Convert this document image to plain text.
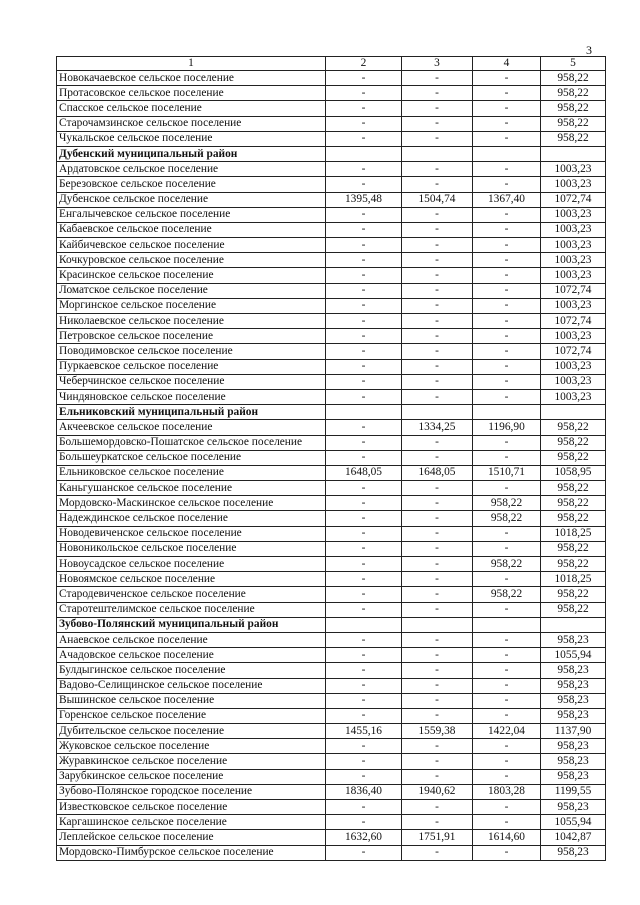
3
1	2	3	4	5
Новокачаевское сельское поселение	-	-	-	958,22
Протасовское сельское поселение	-	-	-	958,22
Спасское сельское поселение	-	-	-	958,22
Старочамзинское сельское поселение	-	-	-	958,22
Чукальское сельское поселение	-	-	-	958,22
Дубенский муниципальный район				
Ардатовское сельское поселение	-	-	-	1003,23
Березовское сельское поселение	-	-	-	1003,23
Дубенское сельское поселение	1395,48	1504,74	1367,40	1072,74
Енгалычевское сельское поселение	-	-	-	1003,23
Кабаевское сельское поселение	-	-	-	1003,23
Кайбичевское сельское поселение	-	-	-	1003,23
Кочкуровское сельское поселение	-	-	-	1003,23
Красинское сельское поселение	-	-	-	1003,23
Ломатское сельское поселение	-	-	-	1072,74
Моргинское сельское поселение	-	-	-	1003,23
Николаевское сельское поселение	-	-	-	1072,74
Петровское сельское поселение	-	-	-	1003,23
Поводимовское сельское поселение	-	-	-	1072,74
Пуркаевское сельское поселение	-	-	-	1003,23
Чеберчинское сельское поселение	-	-	-	1003,23
Чиндяновское сельское поселение	-	-	-	1003,23
Ельниковский муниципальный район				
Акчеевское сельское поселение	-	1334,25	1196,90	958,22
Большемордовско-Пошатское сельское поселение	-	-	-	958,22
Большеуркатское сельское поселение	-	-	-	958,22
Ельниковское сельское поселение	1648,05	1648,05	1510,71	1058,95
Каньгушанское сельское поселение	-	-	-	958,22
Мордовско-Маскинское сельское поселение	-	-	958,22	958,22
Надеждинское сельское поселение	-	-	958,22	958,22
Новодевиченское сельское поселение	-	-	-	1018,25
Новоникольское сельское поселение	-	-	-	958,22
Новоусадское сельское поселение	-	-	958,22	958,22
Новоямское сельское поселение	-	-	-	1018,25
Стародевиченское сельское поселение	-	-	958,22	958,22
Старотештелимское сельское поселение	-	-	-	958,22
Зубово-Полянский муниципальный район				
Анаевское сельское поселение	-	-	-	958,23
Ачадовское сельское поселение	-	-	-	1055,94
Булдыгинское сельское поселение	-	-	-	958,23
Вадово-Селищинское сельское поселение	-	-	-	958,23
Вышинское сельское поселение	-	-	-	958,23
Горенское сельское поселение	-	-	-	958,23
Дубительское сельское поселение	1455,16	1559,38	1422,04	1137,90
Жуковское сельское поселение	-	-	-	958,23
Журавкинское сельское поселение	-	-	-	958,23
Зарубкинское сельское поселение	-	-	-	958,23
Зубово-Полянское городское поселение	1836,40	1940,62	1803,28	1199,55
Известковское сельское поселение	-	-	-	958,23
Каргашинское сельское поселение	-	-	-	1055,94
Леплейское сельское поселение	1632,60	1751,91	1614,60	1042,87
Мордовско-Пимбурское сельское поселение	-	-	-	958,23
